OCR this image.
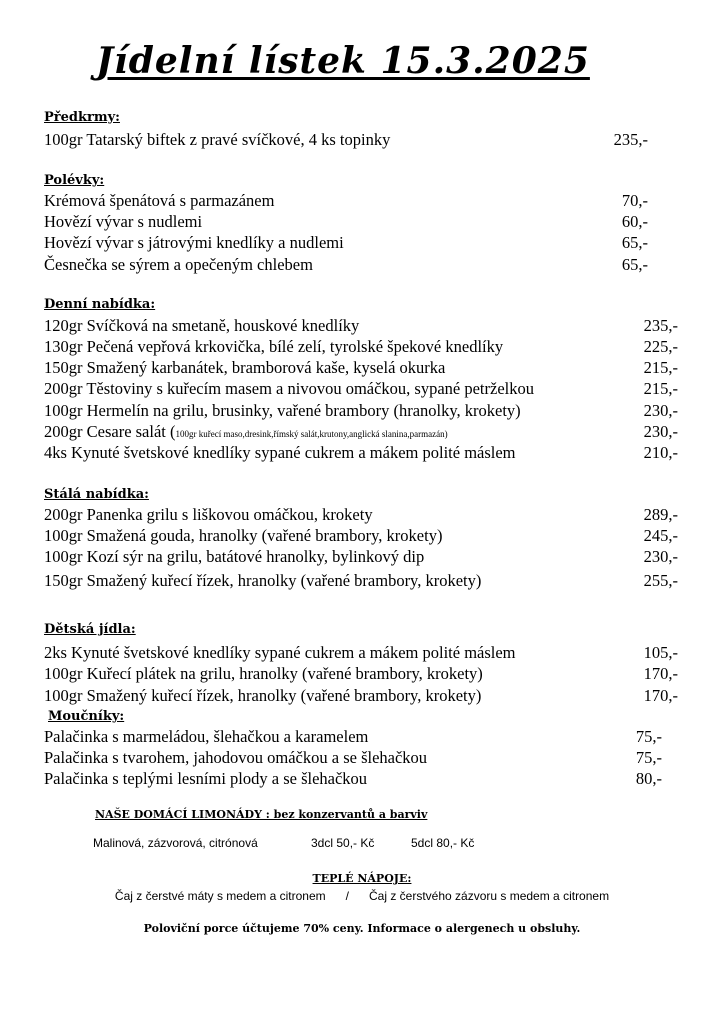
Jídelní lístek 15.3.2025
Předkrmy:
100gr Tatarský biftek z pravé svíčkové, 4 ks topinky	235,-
Polévky:
Krémová špenátová s parmazánem	70,-
Hovězí vývar s nudlemi	60,-
Hovězí vývar s játrovými knedlíky a nudlemi	65,-
Česnečka se sýrem a opečeným chlebem	65,-
Denní nabídka:
120gr Svíčková na smetaně, houskové knedlíky	235,-
130gr Pečená vepřová krkovička, bílé zelí, tyrolské špekové knedlíky	225,-
150gr Smažený karbanátek, bramborová kaše, kyselá okurka	215,-
200gr Těstoviny s kuřecím masem a nivovou omáčkou, sypané petrželkou	215,-
100gr Hermelín na grilu, brusinky, vařené brambory (hranolky, krokety)	230,-
200gr Cesare salát (100gr kuřecí maso,dresink,římský salát,krutony,anglická slanina,parmazán)	230,-
4ks Kynuté švetskové knedlíky sypané cukrem a mákem polité máslem	210,-
Stálá nabídka:
200gr Panenka grilu s liškovou omáčkou, krokety	289,-
100gr Smažená gouda, hranolky (vařené brambory, krokety)	245,-
100gr Kozí sýr na grilu, batátové hranolky, bylinkový dip	230,-
150gr Smažený kuřecí řízek, hranolky (vařené brambory, krokety)	255,-
Dětská jídla:
2ks Kynuté švetskové knedlíky sypané cukrem a mákem polité máslem	105,-
100gr Kuřecí plátek na grilu, hranolky (vařené brambory, krokety)	170,-
100gr Smažený kuřecí řízek, hranolky (vařené brambory, krokety)	170,-
Moučníky:
Palačinka s marmeládou, šlehačkou a karamelem	75,-
Palačinka s tvarohem, jahodovou omáčkou a se šlehačkou	75,-
Palačinka s teplými lesními plody a se šlehačkou	80,-
NAŠE DOMÁCÍ LIMONÁDY : bez konzervantů a barviv
Malinová, zázvorová, citrónová	3dcl 50,- Kč	5dcl 80,- Kč
TEPLÉ NÁPOJE:
Čaj z čerstvé máty s medem a citronem      /      Čaj z čerstvého zázvoru s medem a citronem
Poloviční porce účtujeme 70% ceny. Informace o alergenech u obsluhy.
